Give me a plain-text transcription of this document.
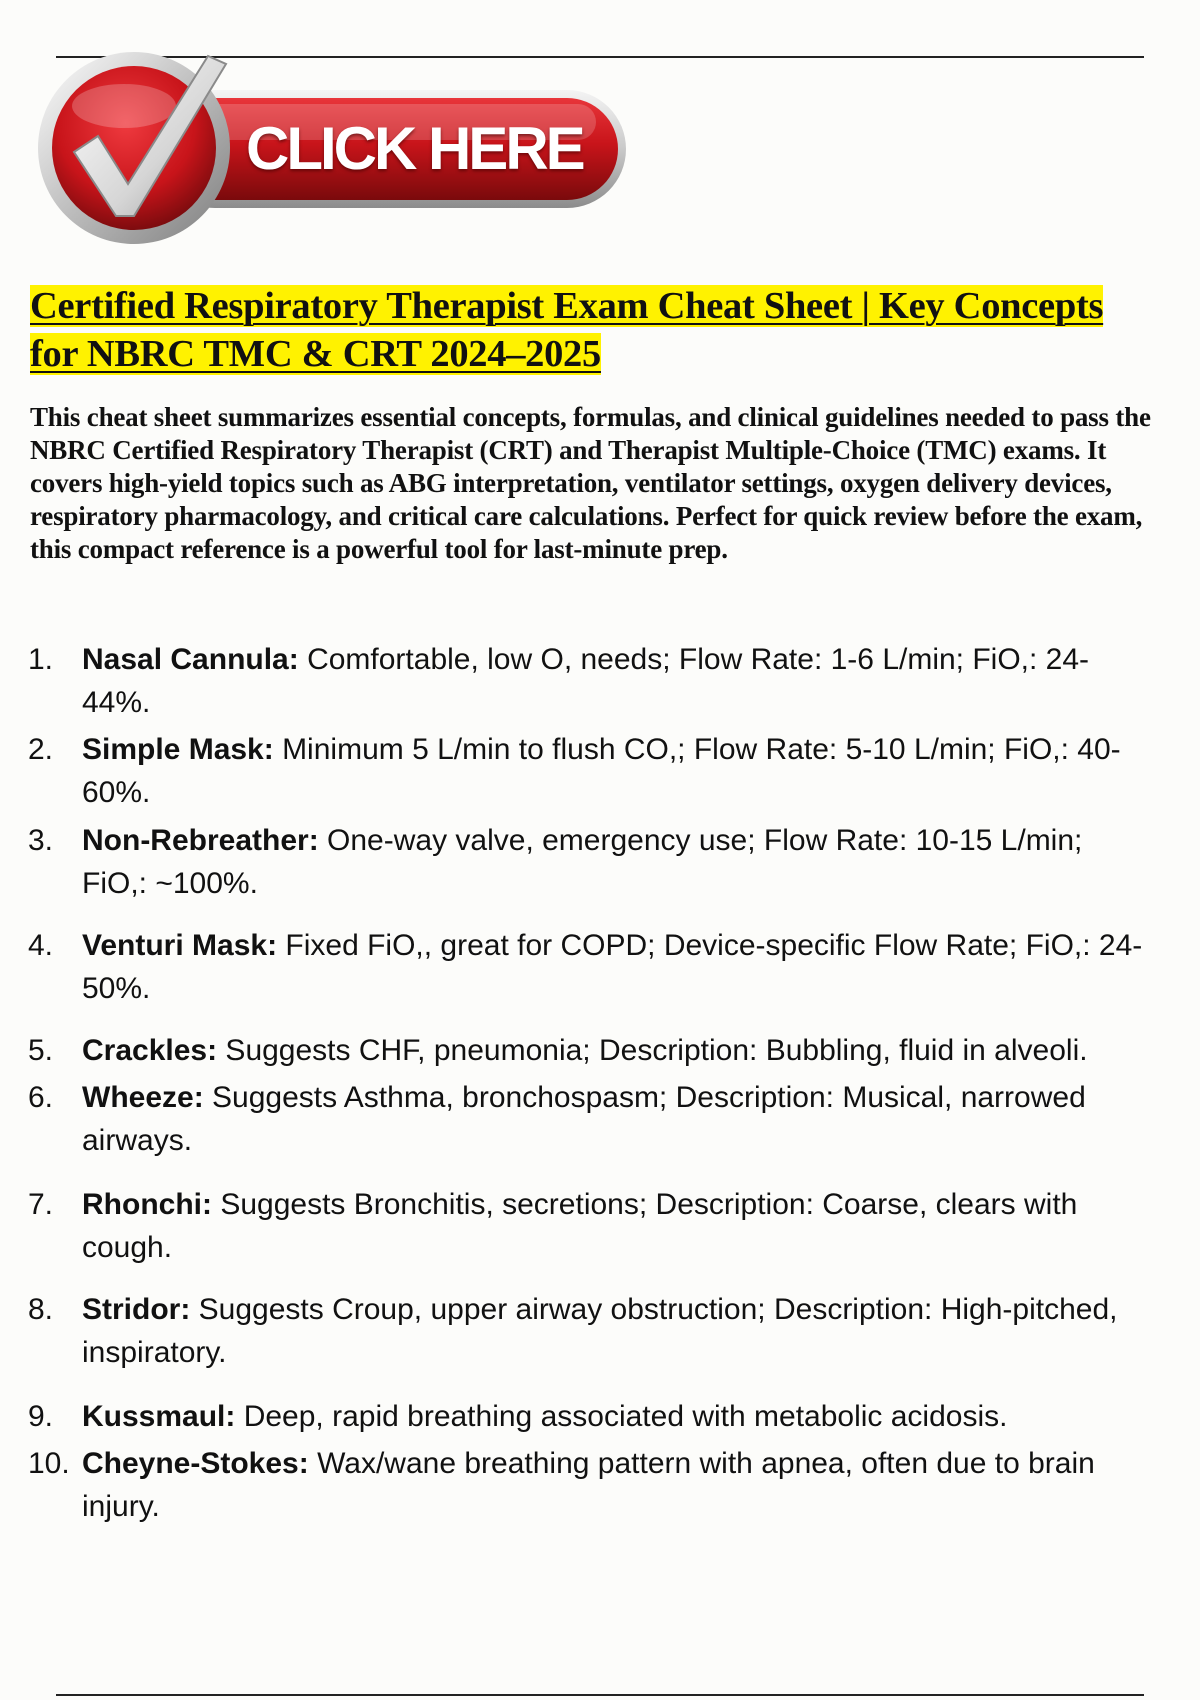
CLICK HERE
Certified Respiratory Therapist Exam Cheat Sheet | Key Concepts
for NBRC TMC & CRT 2024–2025

This cheat sheet summarizes essential concepts, formulas, and clinical guidelines needed to pass the
NBRC Certified Respiratory Therapist (CRT) and Therapist Multiple-Choice (TMC) exams. It
covers high-yield topics such as ABG interpretation, ventilator settings, oxygen delivery devices,
respiratory pharmacology, and critical care calculations. Perfect for quick review before the exam,
this compact reference is a powerful tool for last-minute prep.

1. Nasal Cannula: Comfortable, low O, needs; Flow Rate: 1-6 L/min; FiO,: 24-
44%.
2. Simple Mask: Minimum 5 L/min to flush CO,; Flow Rate: 5-10 L/min; FiO,: 40-
60%.
3. Non-Rebreather: One-way valve, emergency use; Flow Rate: 10-15 L/min;
FiO,: ~100%.
4. Venturi Mask: Fixed FiO,, great for COPD; Device-specific Flow Rate; FiO,: 24-
50%.
5. Crackles: Suggests CHF, pneumonia; Description: Bubbling, fluid in alveoli.
6. Wheeze: Suggests Asthma, bronchospasm; Description: Musical, narrowed
airways.
7. Rhonchi: Suggests Bronchitis, secretions; Description: Coarse, clears with
cough.
8. Stridor: Suggests Croup, upper airway obstruction; Description: High-pitched,
inspiratory.
9. Kussmaul: Deep, rapid breathing associated with metabolic acidosis.
10. Cheyne-Stokes: Wax/wane breathing pattern with apnea, often due to brain
injury.
